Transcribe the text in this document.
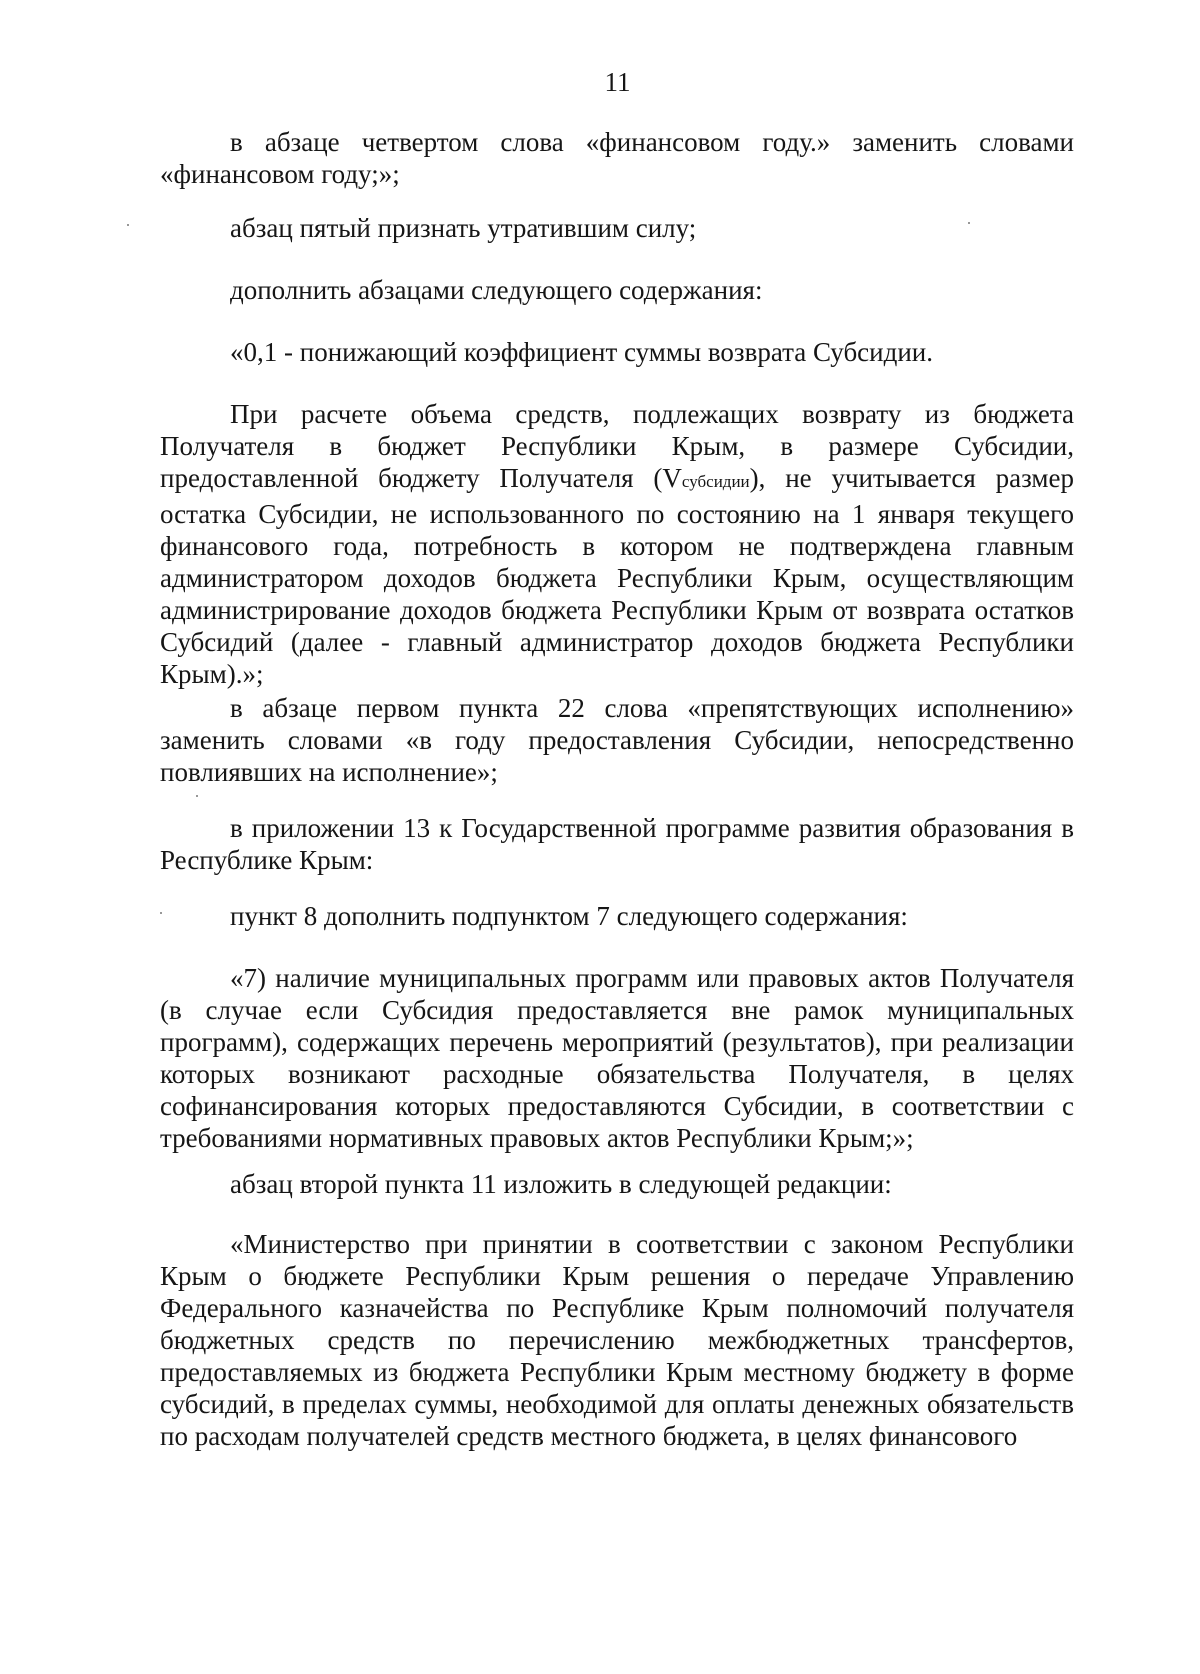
11

в абзаце четвертом слова «финансовом году.» заменить словами «финансовом году;»;

абзац пятый признать утратившим силу;

дополнить абзацами следующего содержания:

«0,1 - понижающий коэффициент суммы возврата Субсидии.

При расчете объема средств, подлежащих возврату из бюджета Получателя в бюджет Республики Крым, в размере Субсидии, предоставленной бюджету Получателя (Vсубсидии), не учитывается размер остатка Субсидии, не использованного по состоянию на 1 января текущего финансового года, потребность в котором не подтверждена главным администратором доходов бюджета Республики Крым, осуществляющим администрирование доходов бюджета Республики Крым от возврата остатков Субсидий (далее - главный администратор доходов бюджета Республики Крым).»;

в абзаце первом пункта 22 слова «препятствующих исполнению» заменить словами «в году предоставления Субсидии, непосредственно повлиявших на исполнение»;

в приложении 13 к Государственной программе развития образования в Республике Крым:

пункт 8 дополнить подпунктом 7 следующего содержания:

«7) наличие муниципальных программ или правовых актов Получателя (в случае если Субсидия предоставляется вне рамок муниципальных программ), содержащих перечень мероприятий (результатов), при реализации которых возникают расходные обязательства Получателя, в целях софинансирования которых предоставляются Субсидии, в соответствии с требованиями нормативных правовых актов Республики Крым;»;

абзац второй пункта 11 изложить в следующей редакции:

«Министерство при принятии в соответствии с законом Республики Крым о бюджете Республики Крым решения о передаче Управлению Федерального казначейства по Республике Крым полномочий получателя бюджетных средств по перечислению межбюджетных трансфертов, предоставляемых из бюджета Республики Крым местному бюджету в форме субсидий, в пределах суммы, необходимой для оплаты денежных обязательств по расходам получателей средств местного бюджета, в целях финансового
